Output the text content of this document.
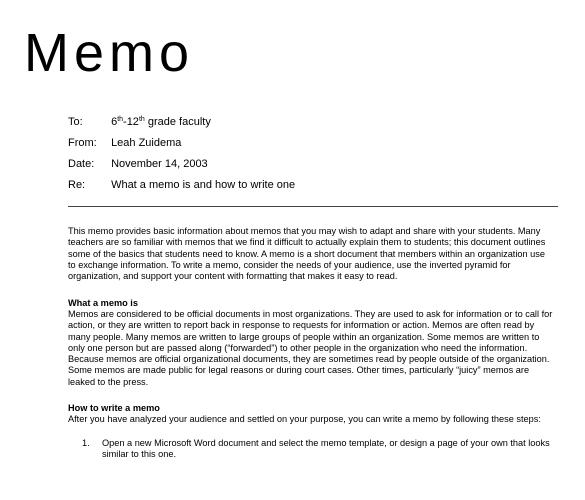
Memo
To:	6th-12th grade faculty
From: Leah Zuidema
Date: November 14, 2003
Re: What a memo is and how to write one
This memo provides basic information about memos that you may wish to adapt and share with your students. Many
teachers are so familiar with memos that we find it difficult to actually explain them to students; this document outlines
some of the basics that students need to know. A memo is a short document that members within an organization use
to exchange information. To write a memo, consider the needs of your audience, use the inverted pyramid for
organization, and support your content with formatting that makes it easy to read.
What a memo is
Memos are considered to be official documents in most organizations. They are used to ask for information or to call for
action, or they are written to report back in response to requests for information or action. Memos are often read by
many people. Many memos are written to large groups of people within an organization. Some memos are written to
only one person but are passed along (“forwarded”) to other people in the organization who need the information.
Because memos are official organizational documents, they are sometimes read by people outside of the organization.
Some memos are made public for legal reasons or during court cases. Other times, particularly “juicy” memos are
leaked to the press.
How to write a memo
After you have analyzed your audience and settled on your purpose, you can write a memo by following these steps:
1. Open a new Microsoft Word document and select the memo template, or design a page of your own that looks
similar to this one.
